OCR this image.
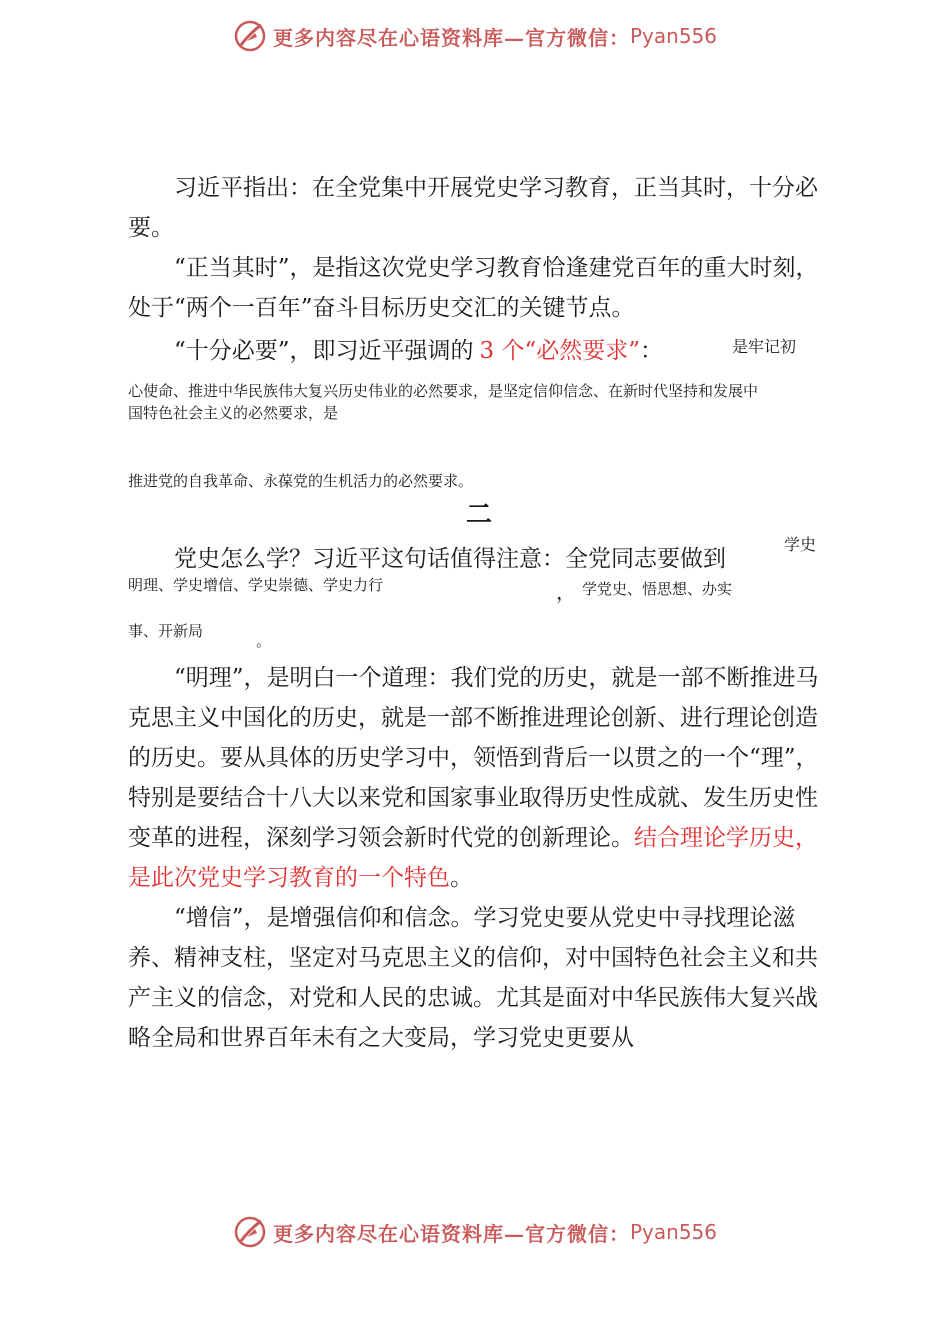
更多内容尽在心语资料库—官方微信： Pyan556

习近平指出：在全党集中开展党史学习教育，正当其时，十分必要。

“正当其时”，是指这次党史学习教育恰逢建党百年的重大时刻，处于“两个一百年”奋斗目标历史交汇的关键节点。

“十分必要”，即习近平强调的 3 个“必然要求”：	是牢记初
心使命、推进中华民族伟大复兴历史伟业的必然要求，是坚定信仰信念、在新时代坚持和发展中
国特色社会主义的必然要求，是
推进党的自我革命、永葆党的生机活力的必然要求。
二
党史怎么学？习近平这句话值得注意：全党同志要做到
学史
明理、学史增信、学史崇德、学史力行	， 学党史、悟思想、办实
事、开新局
。

“明理”，是明白一个道理：我们党的历史，就是一部不断推进马克思主义中国化的历史，就是一部不断推进理论创新、进行理论创造的历史。要从具体的历史学习中，领悟到背后一以贯之的一个“理”，特别是要结合十八大以来党和国家事业取得历史性成就、发生历史性变革的进程，深刻学习领会新时代党的创新理论。结合理论学历史，是此次党史学习教育的一个特色。

“增信”，是增强信仰和信念。学习党史要从党史中寻找理论滋养、精神支柱，坚定对马克思主义的信仰，对中国特色社会主义和共产主义的信念，对党和人民的忠诚。尤其是面对中华民族伟大复兴战略全局和世界百年未有之大变局，学习党史更要从

更多内容尽在心语资料库—官方微信： Pyan556
